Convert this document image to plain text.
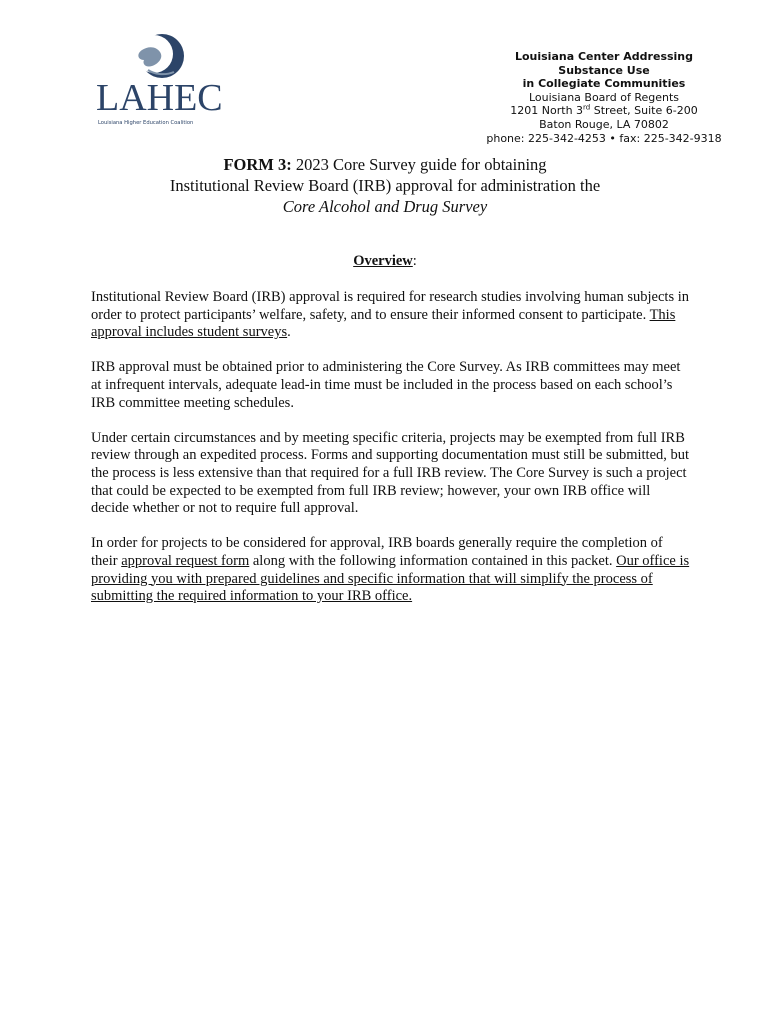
LAHEC
Louisiana Higher Education Coalition
Louisiana Center Addressing
Substance Use
in Collegiate Communities
Louisiana Board of Regents
1201 North 3rd Street, Suite 6-200
Baton Rouge, LA 70802
phone: 225-342-4253 • fax: 225-342-9318
FORM 3: 2023 Core Survey guide for obtaining
Institutional Review Board (IRB) approval for administration the
Core Alcohol and Drug Survey
Overview:

Institutional Review Board (IRB) approval is required for research studies involving human subjects in order to protect participants’ welfare, safety, and to ensure their informed consent to participate. This approval includes student surveys.

IRB approval must be obtained prior to administering the Core Survey. As IRB committees may meet at infrequent intervals, adequate lead-in time must be included in the process based on each school’s IRB committee meeting schedules.

Under certain circumstances and by meeting specific criteria, projects may be exempted from full IRB review through an expedited process. Forms and supporting documentation must still be submitted, but the process is less extensive than that required for a full IRB review. The Core Survey is such a project that could be expected to be exempted from full IRB review; however, your own IRB office will decide whether or not to require full approval.

In order for projects to be considered for approval, IRB boards generally require the completion of their approval request form along with the following information contained in this packet. Our office is providing you with prepared guidelines and specific information that will simplify the process of submitting the required information to your IRB office.
